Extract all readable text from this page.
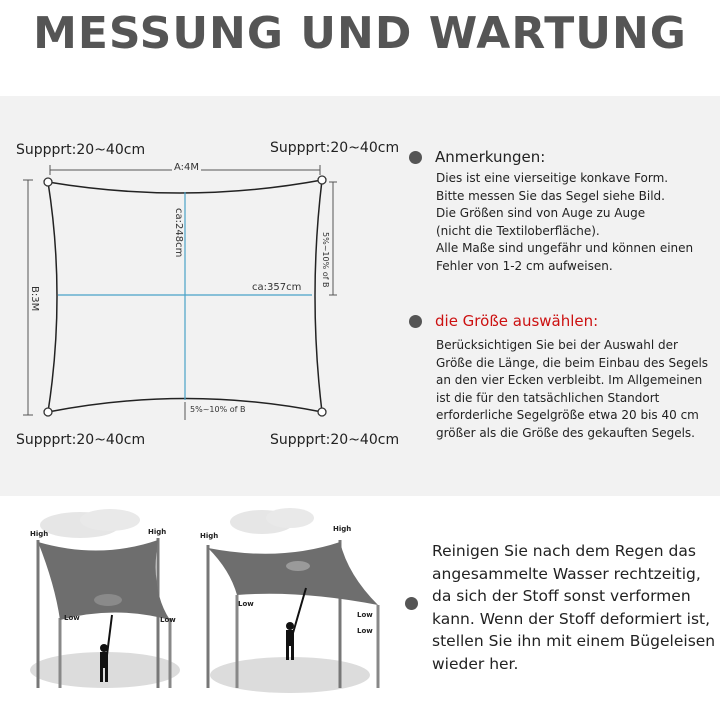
MESSUNG UND WARTUNG
Suppprt:20~40cm	Suppprt:20~40cm
Suppprt:20~40cm	Suppprt:20~40cm
A:4M
B:3M
ca:248cm
ca:357cm
5%~10% of B
5%~10% of B
Anmerkungen:
Dies ist eine vierseitige konkave Form.
Bitte messen Sie das Segel siehe Bild.
Die Größen sind von Auge zu Auge
(nicht die Textiloberfläche).
Alle Maße sind ungefähr und können einen
Fehler von 1-2 cm aufweisen.
die Größe auswählen:
Berücksichtigen Sie bei der Auswahl der
Größe die Länge, die beim Einbau des Segels
an den vier Ecken verbleibt. Im Allgemeinen
ist die für den tatsächlichen Standort
erforderliche Segelgröße etwa 20 bis 40 cm
größer als die Größe des gekauften Segels.
High	High
Low	Low
High
High
Low
Low
Low
Reinigen Sie nach dem Regen das
angesammelte Wasser rechtzeitig,
da sich der Stoff sonst verformen
kann. Wenn der Stoff deformiert ist,
stellen Sie ihn mit einem Bügeleisen
wieder her.
